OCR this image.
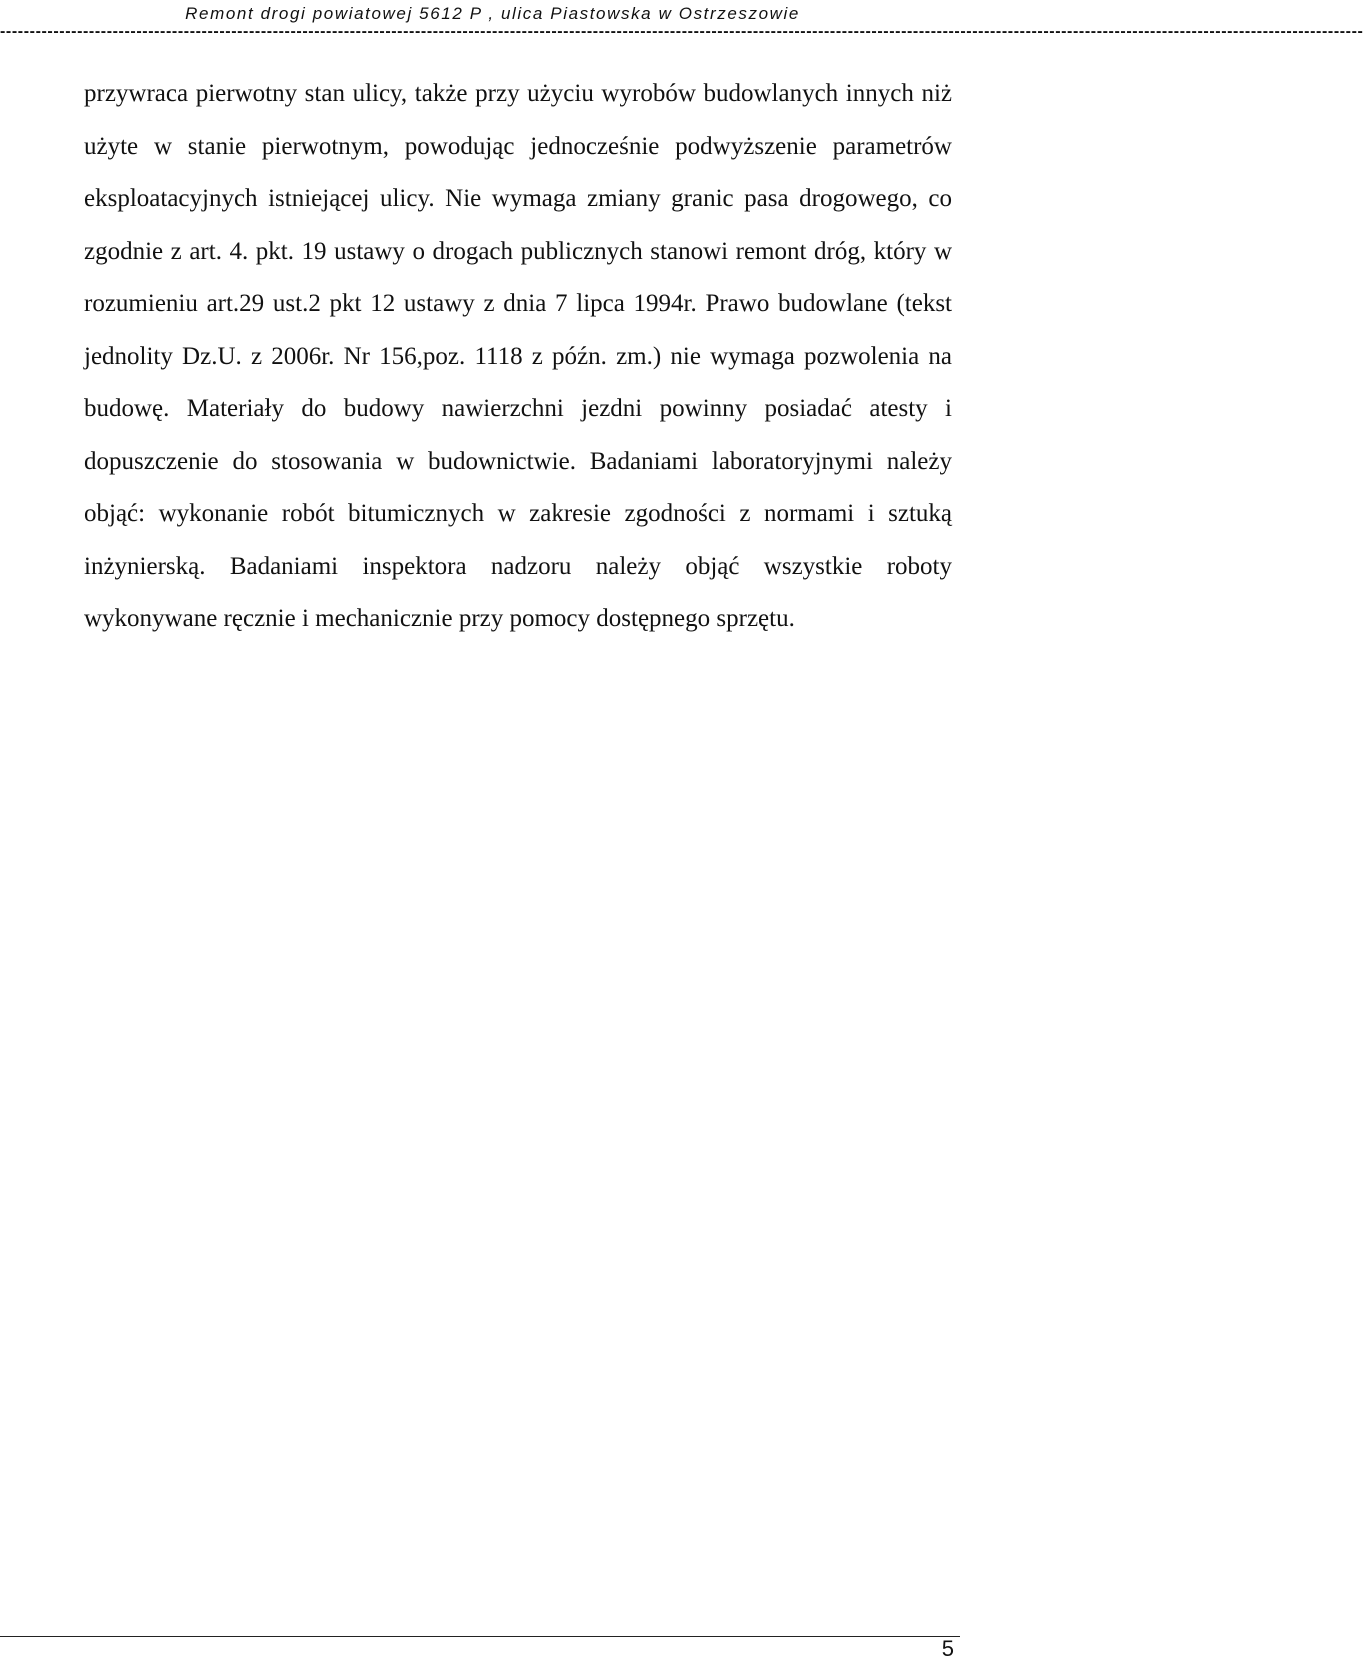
Remont drogi powiatowej 5612 P , ulica Piastowska w Ostrzeszowie
--------------------------------------------------------------------------------------------------------------------------------------------------------------------------------------------------------------------------------------

przywraca pierwotny stan ulicy, także przy użyciu wyrobów budowlanych innych niż użyte w stanie pierwotnym, powodując jednocześnie podwyższenie parametrów eksploatacyjnych istniejącej ulicy. Nie wymaga zmiany granic pasa drogowego, co zgodnie z art. 4. pkt. 19 ustawy o drogach publicznych stanowi remont dróg, który w rozumieniu art.29 ust.2 pkt 12 ustawy z dnia 7 lipca 1994r. Prawo budowlane (tekst jednolity Dz.U. z 2006r. Nr 156,poz. 1118 z późn. zm.) nie wymaga pozwolenia na budowę. Materiały do budowy nawierzchni jezdni powinny posiadać atesty i dopuszczenie do stosowania w budownictwie. Badaniami laboratoryjnymi należy objąć: wykonanie robót bitumicznych w zakresie zgodności z normami i sztuką inżynierską. Badaniami inspektora nadzoru należy objąć wszystkie roboty wykonywane ręcznie i mechanicznie przy pomocy dostępnego sprzętu.

5
